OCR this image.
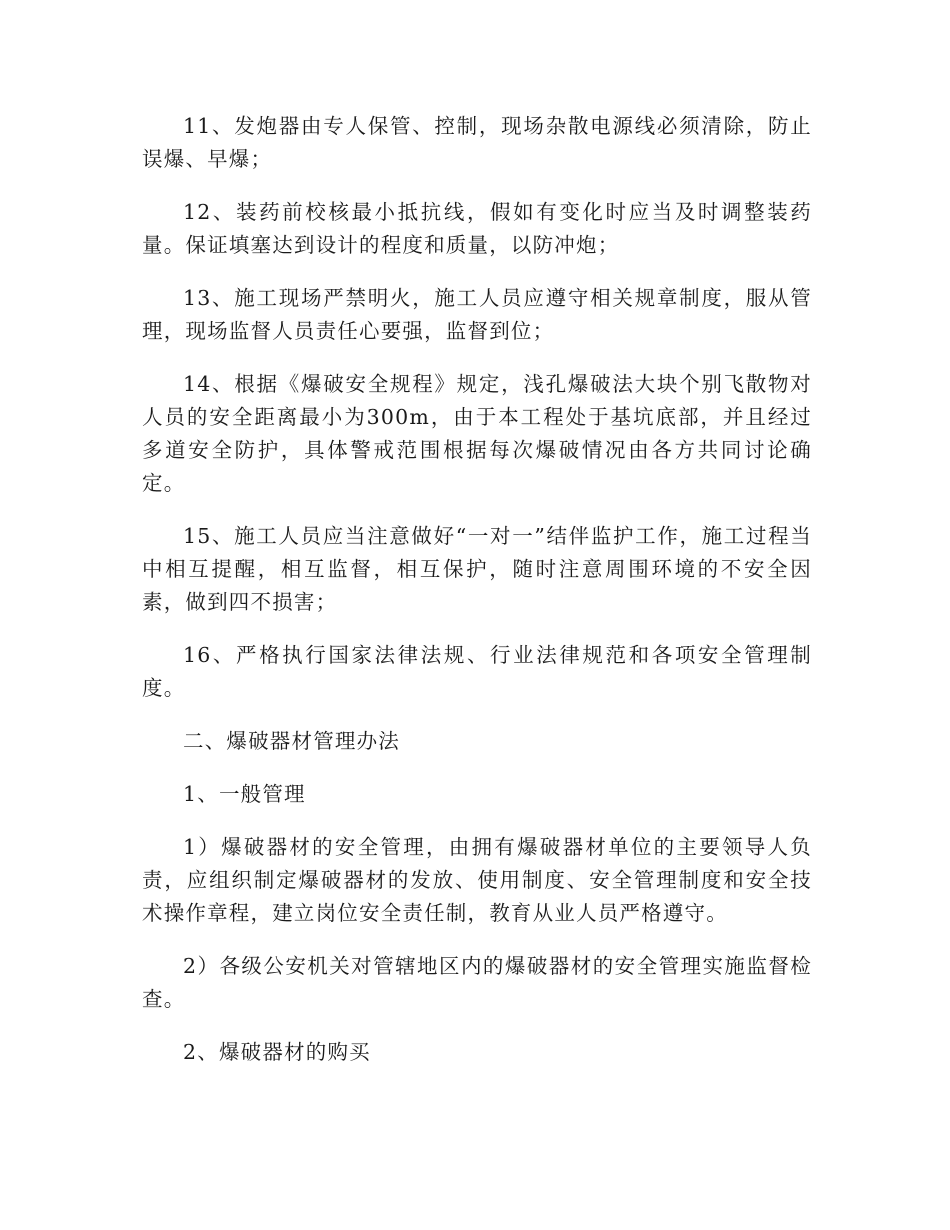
11、发炮器由专人保管、控制，现场杂散电源线必须清除，防止误爆、早爆；

12、装药前校核最小抵抗线，假如有变化时应当及时调整装药量。保证填塞达到设计的程度和质量，以防冲炮；

13、施工现场严禁明火，施工人员应遵守相关规章制度，服从管理，现场监督人员责任心要强，监督到位；

14、根据《爆破安全规程》规定，浅孔爆破法大块个别飞散物对人员的安全距离最小为300m，由于本工程处于基坑底部，并且经过多道安全防护，具体警戒范围根据每次爆破情况由各方共同讨论确定。

15、施工人员应当注意做好“一对一”结伴监护工作，施工过程当中相互提醒，相互监督，相互保护，随时注意周围环境的不安全因素，做到四不损害；

16、严格执行国家法律法规、行业法律规范和各项安全管理制度。

二、爆破器材管理办法

1、一般管理

1）爆破器材的安全管理，由拥有爆破器材单位的主要领导人负责，应组织制定爆破器材的发放、使用制度、安全管理制度和安全技术操作章程，建立岗位安全责任制，教育从业人员严格遵守。

2）各级公安机关对管辖地区内的爆破器材的安全管理实施监督检查。

2、爆破器材的购买
